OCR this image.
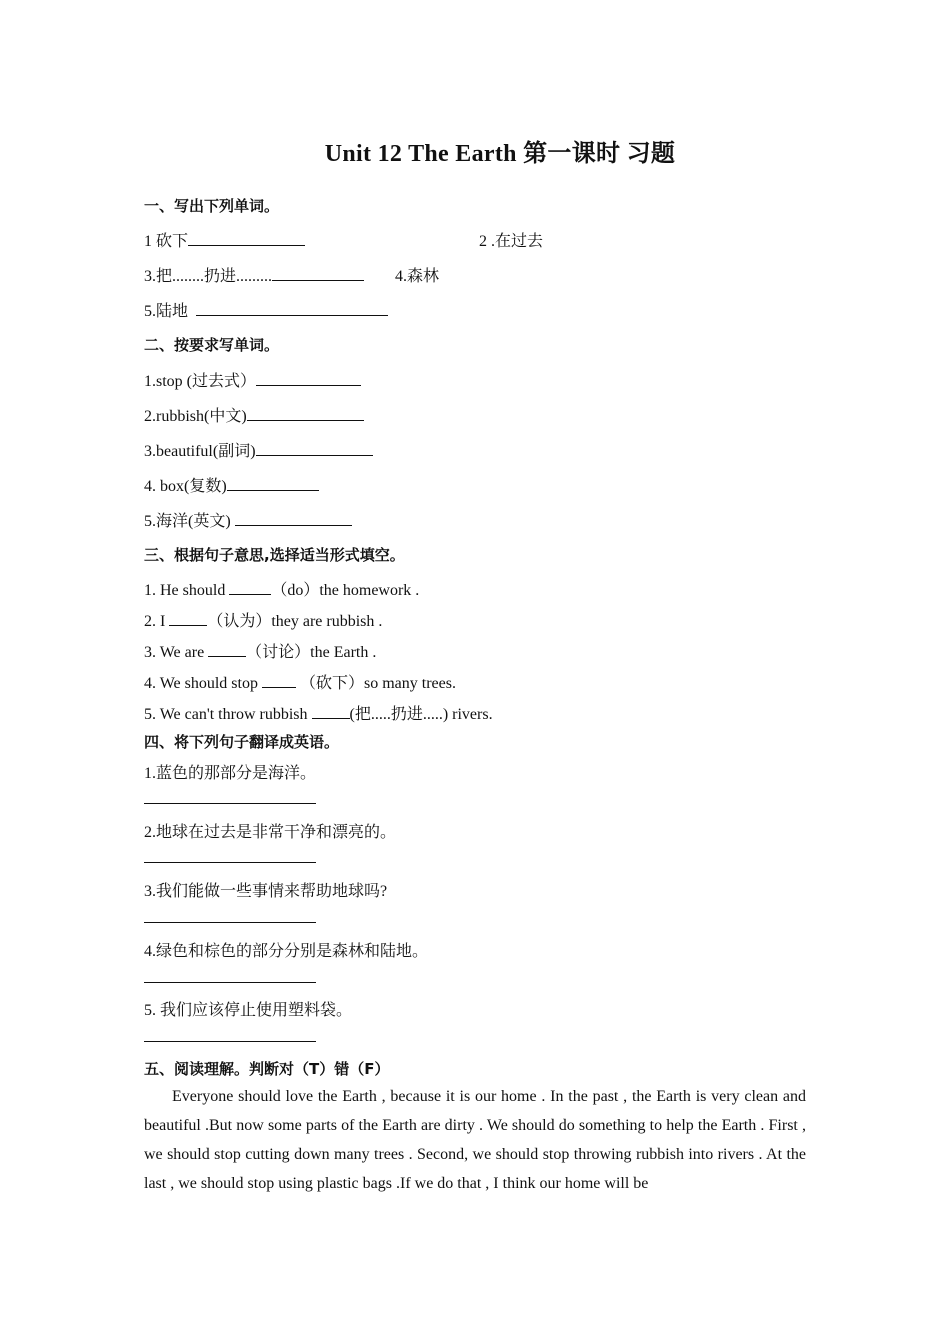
Unit 12 The Earth 第一课时 习题
一、写出下列单词。
1 砍下	2 .在过去
3.把........扔进.........	4.森林
5.陆地
二、按要求写单词。
1.stop (过去式）
2.rubbish(中文)
3.beautiful(副词)
4. box(复数)
5.海洋(英文)
三、根据句子意思,选择适当形式填空。
1. He should	（do）the homework .
2. I （认为）they are rubbish .
3. We are （讨论）the Earth .
4. We should stop  （砍下）so many trees.
5. We can't throw rubbish (把.....扔进.....) rivers.
四、将下列句子翻译成英语。
1.蓝色的那部分是海洋。
2.地球在过去是非常干净和漂亮的。
3.我们能做一些事情来帮助地球吗?
4.绿色和棕色的部分分别是森林和陆地。
5. 我们应该停止使用塑料袋。
五、阅读理解。判断对（T）错（F）
Everyone should love the Earth , because it is our home . In the past , the Earth is very clean and beautiful .But now some parts of the Earth are dirty . We should do something to help the Earth . First , we should stop cutting down many trees . Second, we should stop throwing rubbish into rivers . At the last , we should stop using plastic bags .If we do that , I think our home will be
